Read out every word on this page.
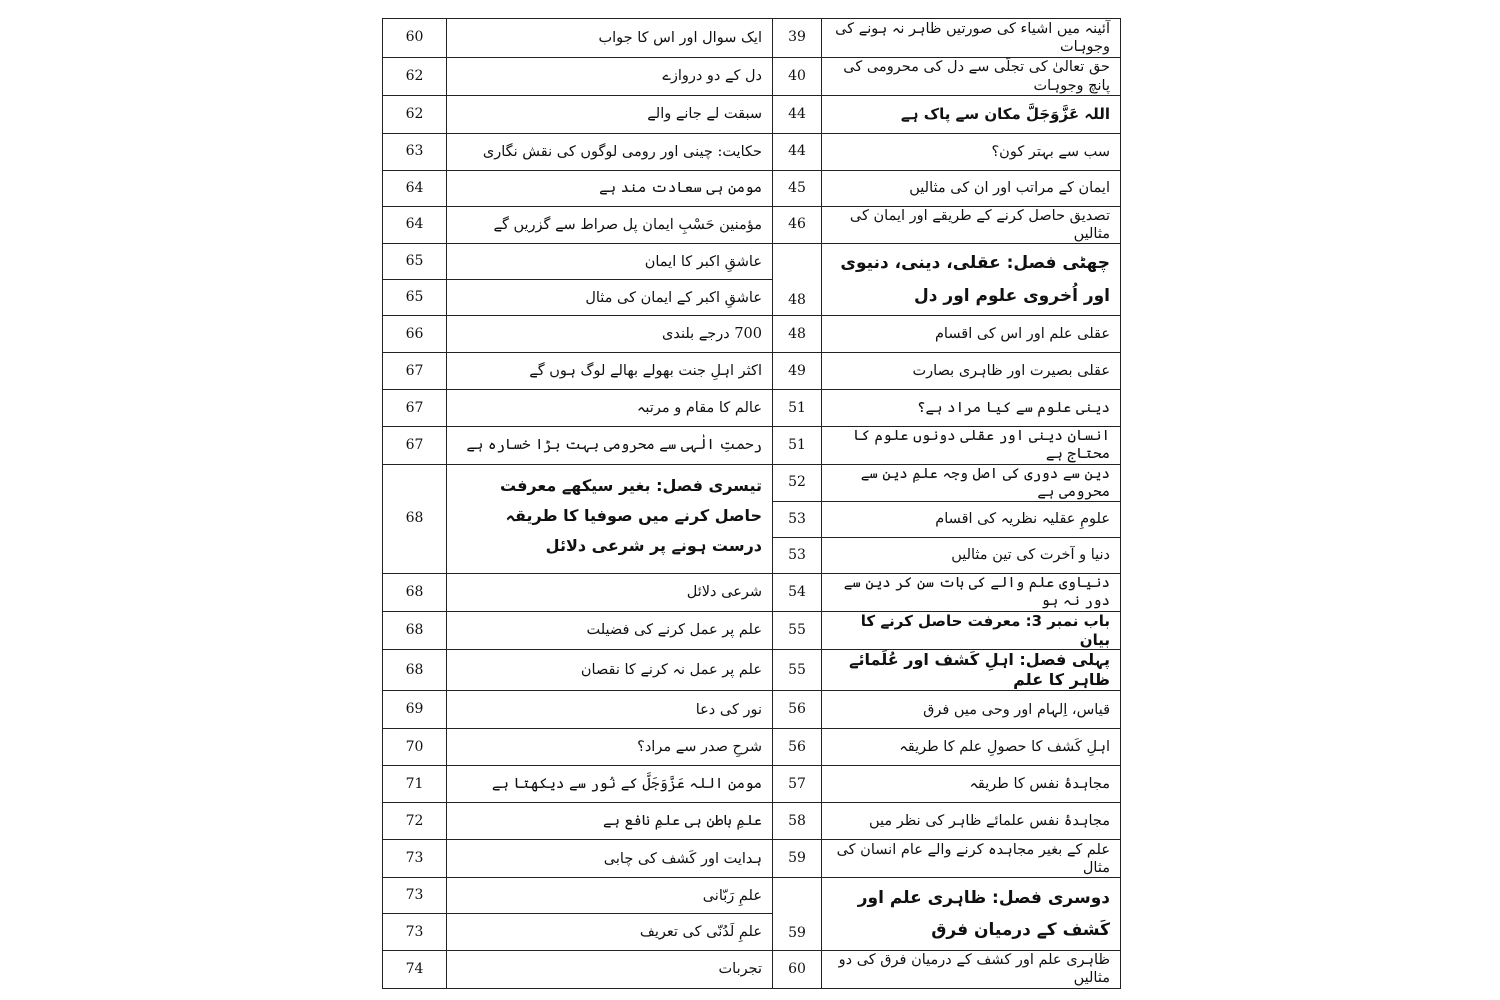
60	ایک سوال اور اس کا جواب	39	آئینہ میں اشیاء کی صورتیں ظاہر نہ ہونے کی وجوہات
62	دل کے دو دروازے	40	حق تعالیٰ کی تجلّی سے دل کی محرومی کی پانچ وجوہات
62	سبقت لے جانے والے	44	اللہ عَزَّوَجَلَّ مکان سے پاک ہے
63	حکایت: چینی اور رومی لوگوں کی نقش نگاری	44	سب سے بہتر کون؟
64	مومن ہی سعادت مند ہے	45	ایمان کے مراتب اور ان کی مثالیں
64	مؤمنین حَسْبِ ایمان پل صراط سے گزریں گے	46	تصدیق حاصل کرنے کے طریقے اور ایمان کی مثالیں
65	عاشقِ اکبر کا ایمان	48	چھٹی فصل: عقلی، دینی، دنیوی اور اُخروی علوم اور دل
65	عاشقِ اکبر کے ایمان کی مثال		
66	700 درجے بلندی	48	عقلی علم اور اس کی اقسام
67	اکثر اہلِ جنت بھولے بھالے لوگ ہوں گے	49	عقلی بصیرت اور ظاہری بصارت
67	عالم کا مقام و مرتبہ	51	دینی علوم سے کیا مراد ہے؟
67	رحمتِ الٰہی سے محرومی بہت بڑا خسارہ ہے	51	انسان دینی اور عقلی دونوں علوم کا محتاج ہے
68	تیسری فصل: بغیر سیکھے معرفت حاصل کرنے میں صوفیا کا طریقہ درست ہونے پر شرعی دلائل	52	دین سے دوری کی اصل وجہ علمِ دین سے محرومی ہے
		53	علومِ عقلیہ نظریہ کی اقسام
		53	دنیا و آخرت کی تین مثالیں
68	شرعی دلائل	54	دنیاوی علم والے کی بات سن کر دین سے دور نہ ہو
68	علم پر عمل کرنے کی فضیلت	55	باب نمبر 3: معرفت حاصل کرنے کا بیان
68	علم پر عمل نہ کرنے کا نقصان	55	پہلی فصل: اہلِ کَشف اور عُلَمائے ظاہر کا علم
69	نور کی دعا	56	قیاس، اِلہام اور وحی میں فرق
70	شرحِ صدر سے مراد؟	56	اہلِ کَشف کا حصولِ علم کا طریقہ
71	مومن اللہ عَزَّوَجَلَّ کے نُور سے دیکھتا ہے	57	مجاہدۂ نفس کا طریقہ
72	علمِ باطن ہی علمِ نافع ہے	58	مجاہدۂ نفس علمائے ظاہر کی نظر میں
73	ہدایت اور کَشف کی چابی	59	علم کے بغیر مجاہدہ کرنے والے عام انسان کی مثال
73	علمِ رَبّانی	59	دوسری فصل: ظاہری علم اور کَشف کے درمیان فرق
73	علمِ لَدُنّی کی تعریف		
74	تجربات	60	ظاہری علم اور کشف کے درمیان فرق کی دو مثالیں
